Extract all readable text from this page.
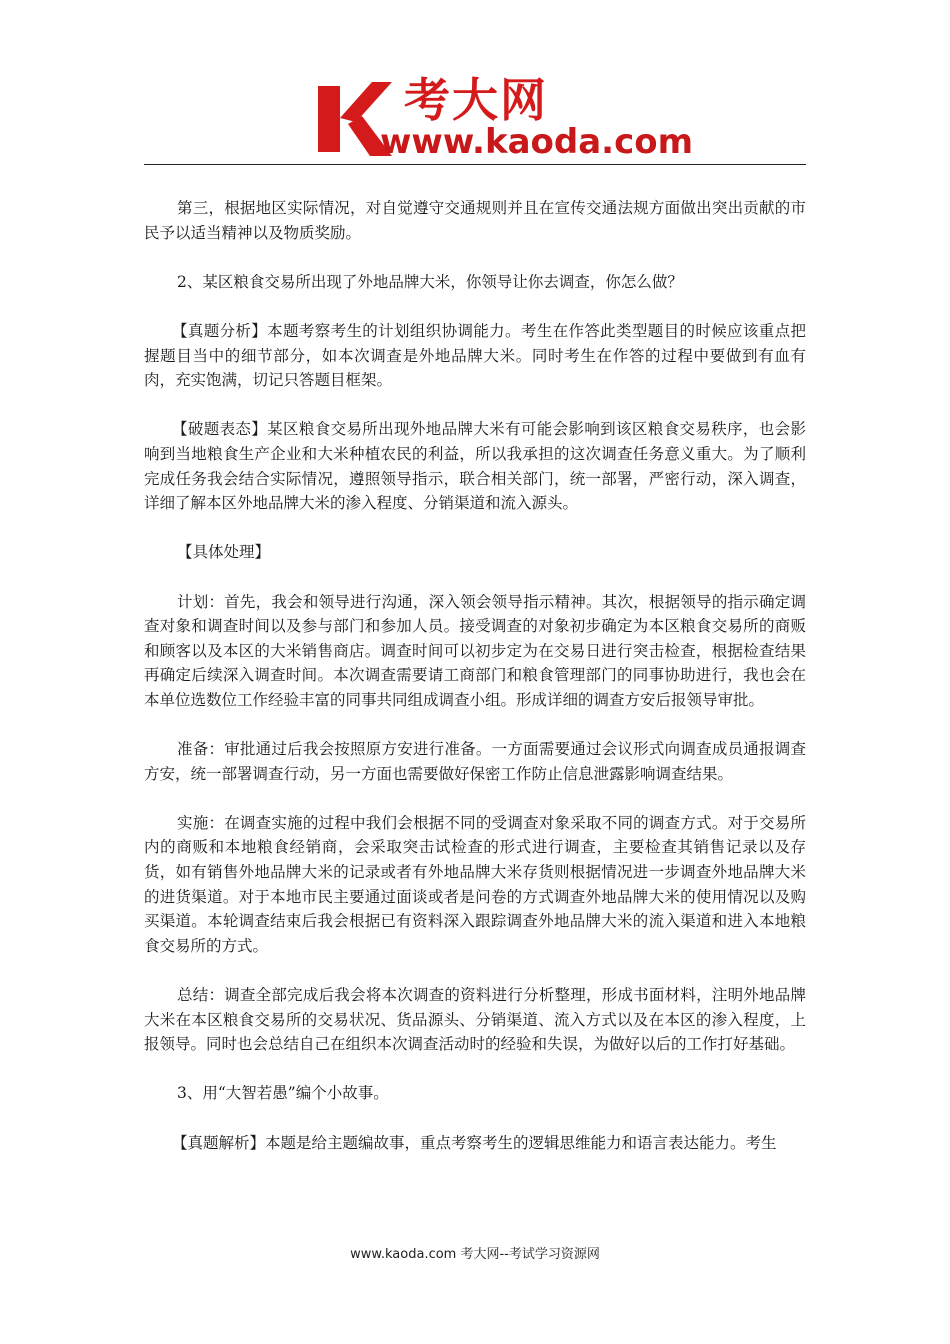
考大网
www.kaoda.com

第三，根据地区实际情况，对自觉遵守交通规则并且在宣传交通法规方面做出突出贡献的市民予以适当精神以及物质奖励。

2、某区粮食交易所出现了外地品牌大米，你领导让你去调查，你怎么做？

【真题分析】本题考察考生的计划组织协调能力。考生在作答此类型题目的时候应该重点把握题目当中的细节部分，如本次调查是外地品牌大米。同时考生在作答的过程中要做到有血有肉，充实饱满，切记只答题目框架。

【破题表态】某区粮食交易所出现外地品牌大米有可能会影响到该区粮食交易秩序，也会影响到当地粮食生产企业和大米种植农民的利益，所以我承担的这次调查任务意义重大。为了顺利完成任务我会结合实际情况，遵照领导指示，联合相关部门，统一部署，严密行动，深入调查，详细了解本区外地品牌大米的渗入程度、分销渠道和流入源头。

【具体处理】

计划：首先，我会和领导进行沟通，深入领会领导指示精神。其次，根据领导的指示确定调查对象和调查时间以及参与部门和参加人员。接受调查的对象初步确定为本区粮食交易所的商贩和顾客以及本区的大米销售商店。调查时间可以初步定为在交易日进行突击检查，根据检查结果再确定后续深入调查时间。本次调查需要请工商部门和粮食管理部门的同事协助进行，我也会在本单位选数位工作经验丰富的同事共同组成调查小组。形成详细的调查方安后报领导审批。

准备：审批通过后我会按照原方安进行准备。一方面需要通过会议形式向调查成员通报调查方安，统一部署调查行动，另一方面也需要做好保密工作防止信息泄露影响调查结果。

实施：在调查实施的过程中我们会根据不同的受调查对象采取不同的调查方式。对于交易所内的商贩和本地粮食经销商，会采取突击试检查的形式进行调查，主要检查其销售记录以及存货，如有销售外地品牌大米的记录或者有外地品牌大米存货则根据情况进一步调查外地品牌大米的进货渠道。对于本地市民主要通过面谈或者是问卷的方式调查外地品牌大米的使用情况以及购买渠道。本轮调查结束后我会根据已有资料深入跟踪调查外地品牌大米的流入渠道和进入本地粮食交易所的方式。

总结：调查全部完成后我会将本次调查的资料进行分析整理，形成书面材料，注明外地品牌大米在本区粮食交易所的交易状况、货品源头、分销渠道、流入方式以及在本区的渗入程度，上报领导。同时也会总结自己在组织本次调查活动时的经验和失误，为做好以后的工作打好基础。

3、用“大智若愚”编个小故事。

【真题解析】本题是给主题编故事，重点考察考生的逻辑思维能力和语言表达能力。考生

www.kaoda.com 考大网--考试学习资源网
